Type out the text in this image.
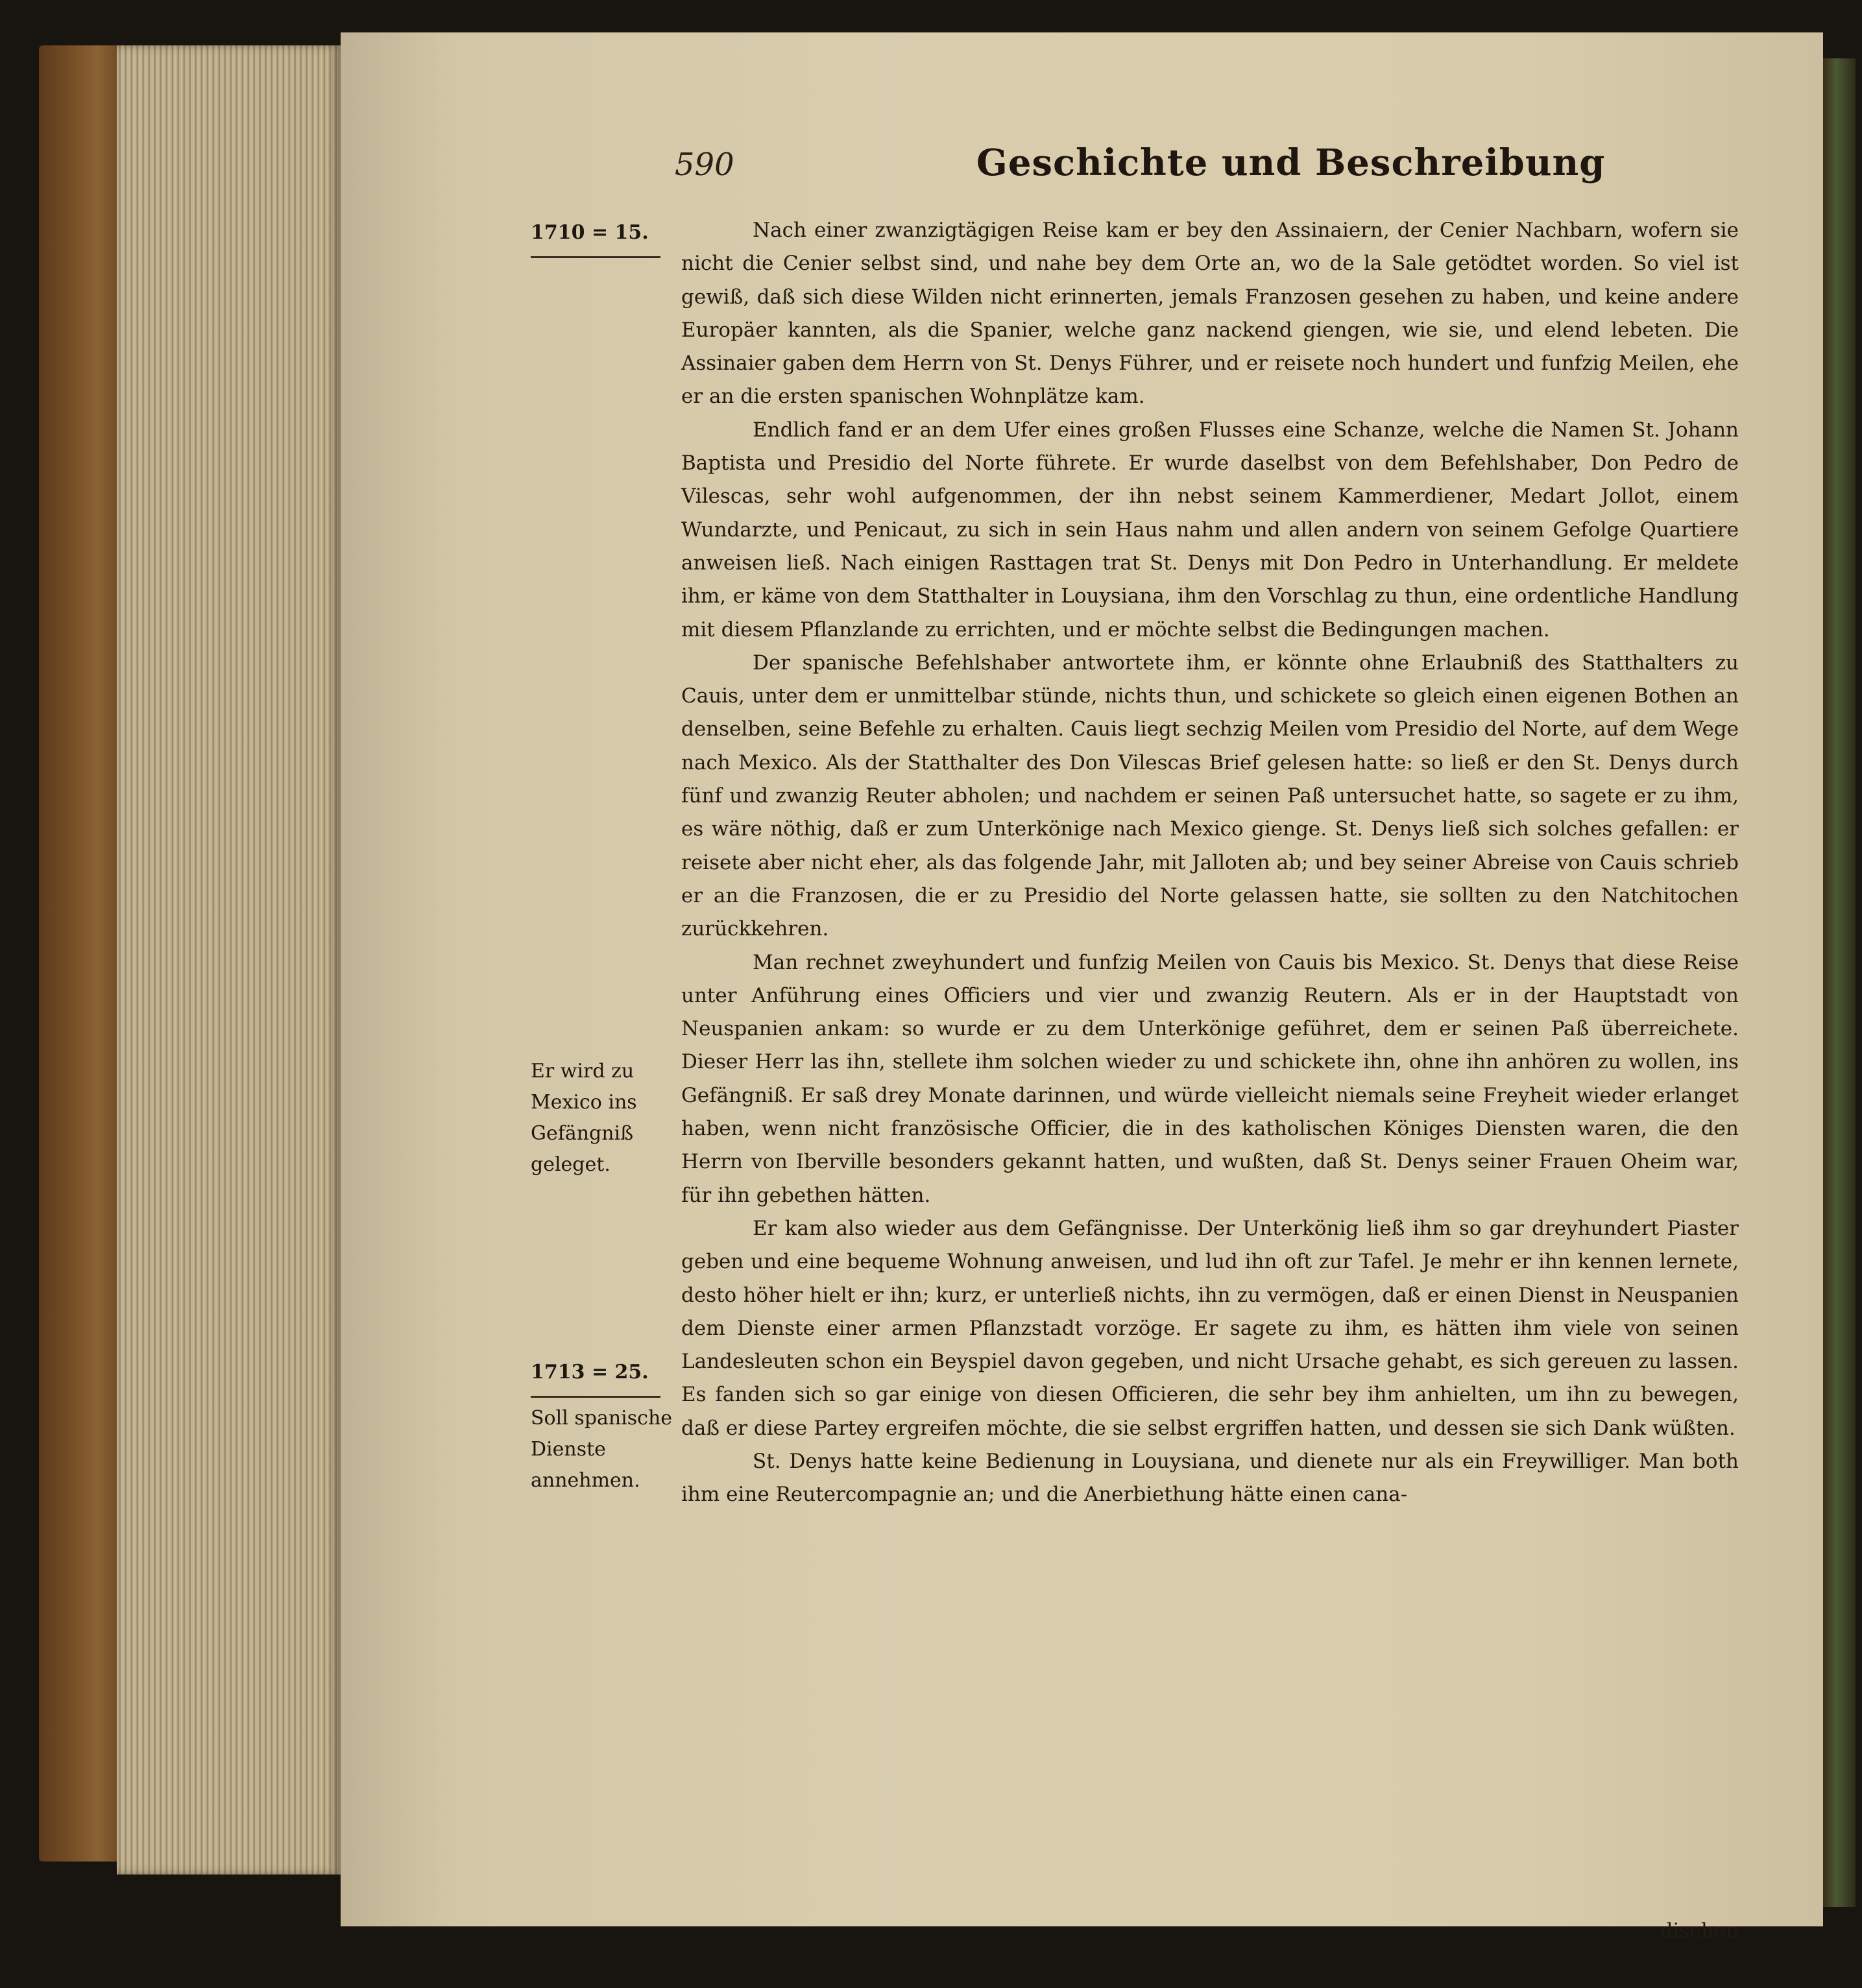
590	Geschichte und Beschreibung
1710 = 15.
Er wird zu Mexico ins Gefängniß geleget.
1713 = 25.
Soll spanische Dienste annehmen.

Nach einer zwanzigtägigen Reise kam er bey den Assinaiern, der Cenier Nachbarn, wofern sie nicht die Cenier selbst sind, und nahe bey dem Orte an, wo de la Sale getödtet worden. So viel ist gewiß, daß sich diese Wilden nicht erinnerten, jemals Franzosen gesehen zu haben, und keine andere Europäer kannten, als die Spanier, welche ganz nackend giengen, wie sie, und elend lebeten. Die Assinaier gaben dem Herrn von St. Denys Führer, und er reisete noch hundert und funfzig Meilen, ehe er an die ersten spanischen Wohnplätze kam.

Endlich fand er an dem Ufer eines großen Flusses eine Schanze, welche die Namen St. Johann Baptista und Presidio del Norte führete. Er wurde daselbst von dem Befehlshaber, Don Pedro de Vilescas, sehr wohl aufgenommen, der ihn nebst seinem Kammerdiener, Medart Jollot, einem Wundarzte, und Penicaut, zu sich in sein Haus nahm und allen andern von seinem Gefolge Quartiere anweisen ließ. Nach einigen Rasttagen trat St. Denys mit Don Pedro in Unterhandlung. Er meldete ihm, er käme von dem Statthalter in Louysiana, ihm den Vorschlag zu thun, eine ordentliche Handlung mit diesem Pflanzlande zu errichten, und er möchte selbst die Bedingungen machen.

Der spanische Befehlshaber antwortete ihm, er könnte ohne Erlaubniß des Statthalters zu Cauis, unter dem er unmittelbar stünde, nichts thun, und schickete so gleich einen eigenen Bothen an denselben, seine Befehle zu erhalten. Cauis liegt sechzig Meilen vom Presidio del Norte, auf dem Wege nach Mexico. Als der Statthalter des Don Vilescas Brief gelesen hatte: so ließ er den St. Denys durch fünf und zwanzig Reuter abholen; und nachdem er seinen Paß untersuchet hatte, so sagete er zu ihm, es wäre nöthig, daß er zum Unterkönige nach Mexico gienge. St. Denys ließ sich solches gefallen: er reisete aber nicht eher, als das folgende Jahr, mit Jalloten ab; und bey seiner Abreise von Cauis schrieb er an die Franzosen, die er zu Presidio del Norte gelassen hatte, sie sollten zu den Natchitochen zurückkehren.

Man rechnet zweyhundert und funfzig Meilen von Cauis bis Mexico. St. Denys that diese Reise unter Anführung eines Officiers und vier und zwanzig Reutern. Als er in der Hauptstadt von Neuspanien ankam: so wurde er zu dem Unterkönige geführet, dem er seinen Paß überreichete. Dieser Herr las ihn, stellete ihm solchen wieder zu und schickete ihn, ohne ihn anhören zu wollen, ins Gefängniß. Er saß drey Monate darinnen, und würde vielleicht niemals seine Freyheit wieder erlanget haben, wenn nicht französische Officier, die in des katholischen Königes Diensten waren, die den Herrn von Iberville besonders gekannt hatten, und wußten, daß St. Denys seiner Frauen Oheim war, für ihn gebethen hätten.

Er kam also wieder aus dem Gefängnisse. Der Unterkönig ließ ihm so gar dreyhundert Piaster geben und eine bequeme Wohnung anweisen, und lud ihn oft zur Tafel. Je mehr er ihn kennen lernete, desto höher hielt er ihn; kurz, er unterließ nichts, ihn zu vermögen, daß er einen Dienst in Neuspanien dem Dienste einer armen Pflanzstadt vorzöge. Er sagete zu ihm, es hätten ihm viele von seinen Landesleuten schon ein Beyspiel davon gegeben, und nicht Ursache gehabt, es sich gereuen zu lassen. Es fanden sich so gar einige von diesen Officieren, die sehr bey ihm anhielten, um ihn zu bewegen, daß er diese Partey ergreifen möchte, die sie selbst ergriffen hatten, und dessen sie sich Dank wüßten.

St. Denys hatte keine Bedienung in Louysiana, und dienete nur als ein Freywilliger. Man both ihm eine Reutercompagnie an; und die Anerbiethung hätte einen cana-

dischen
